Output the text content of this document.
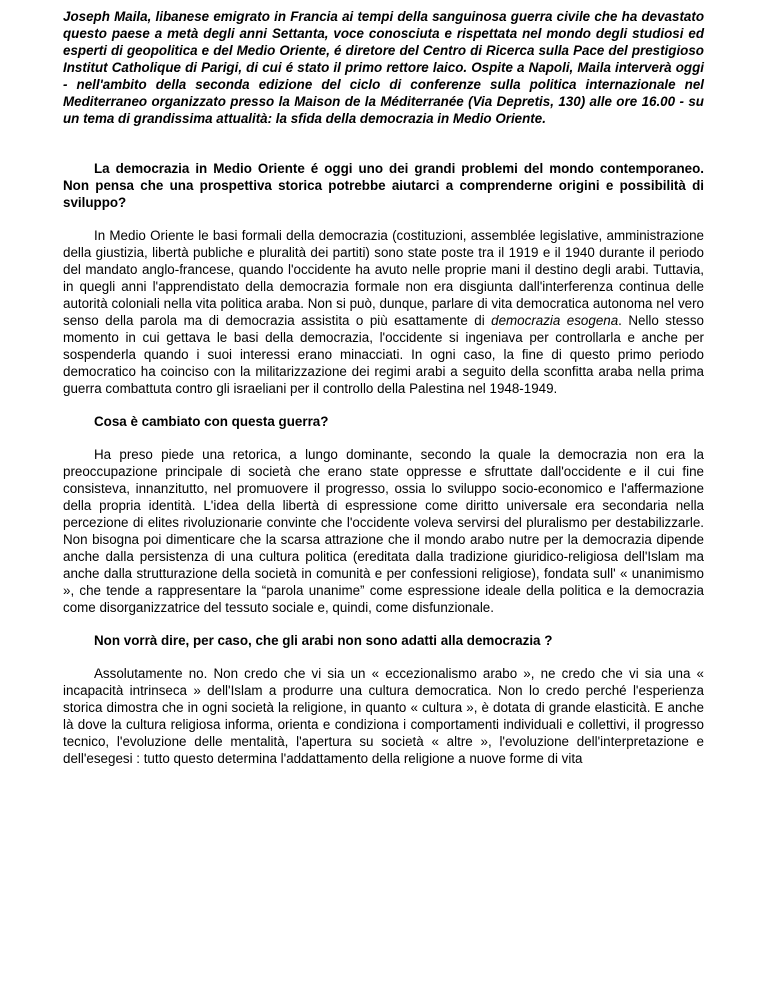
Joseph Maila, libanese emigrato in Francia ai tempi della sanguinosa guerra civile che ha devastato questo paese a metà degli anni Settanta, voce conosciuta e rispettata nel mondo degli studiosi ed esperti di geopolitica e del Medio Oriente, é diretore del Centro di Ricerca sulla Pace del prestigioso Institut Catholique di Parigi, di cui é stato il primo rettore laico. Ospite a Napoli, Maila interverà oggi - nell'ambito della seconda edizione del ciclo di conferenze sulla politica internazionale nel Mediterraneo organizzato presso la Maison de la Méditerranée (Via Depretis, 130) alle ore 16.00 - su un tema di grandissima attualità: la sfida della democrazia in Medio Oriente.

La democrazia in Medio Oriente é oggi uno dei grandi problemi del mondo contemporaneo. Non pensa che una prospettiva storica potrebbe aiutarci a comprenderne origini e possibilità di sviluppo?

In Medio Oriente le basi formali della democrazia (costituzioni, assemblée legislative, amministrazione della giustizia, libertà publiche e pluralità dei partiti) sono state poste tra il 1919 e il 1940 durante il periodo del mandato anglo-francese, quando l'occidente ha avuto nelle proprie mani il destino degli arabi. Tuttavia, in quegli anni l'apprendistato della democrazia formale non era disgiunta dall'interferenza continua delle autorità coloniali nella vita politica araba. Non si può, dunque, parlare di vita democratica autonoma nel vero senso della parola ma di democrazia assistita o più esattamente di democrazia esogena. Nello stesso momento in cui gettava le basi della democrazia, l'occidente si ingeniava per controllarla e anche per sospenderla quando i suoi interessi erano minacciati. In ogni caso, la fine di questo primo periodo democratico ha coinciso con la militarizzazione dei regimi arabi a seguito della sconfitta araba nella prima guerra combattuta contro gli israeliani per il controllo della Palestina nel 1948-1949.

Cosa è cambiato con questa guerra?

Ha preso piede una retorica, a lungo dominante, secondo la quale la democrazia non era la preoccupazione principale di società che erano state oppresse e sfruttate dall'occidente e il cui fine consisteva, innanzitutto, nel promuovere il progresso, ossia lo sviluppo socio-economico e l'affermazione della propria identità. L'idea della libertà di espressione come diritto universale era secondaria nella percezione di elites rivoluzionarie convinte che l'occidente voleva servirsi del pluralismo per destabilizzarle. Non bisogna poi dimenticare che la scarsa attrazione che il mondo arabo nutre per la democrazia dipende anche dalla persistenza di una cultura politica (ereditata dalla tradizione giuridico-religiosa dell'Islam ma anche dalla strutturazione della società in comunità e per confessioni religiose), fondata sull' « unanimismo », che tende a rappresentare la “parola unanime” come espressione ideale della politica e la democrazia come disorganizzatrice del tessuto sociale e, quindi, come disfunzionale.

Non vorrà dire, per caso, che gli arabi non sono adatti alla democrazia ?

Assolutamente no. Non credo che vi sia un « eccezionalismo arabo », ne credo che vi sia una « incapacità intrinseca » dell'Islam a produrre una cultura democratica. Non lo credo perché l'esperienza storica dimostra che in ogni società la religione, in quanto « cultura », è dotata di grande elasticità. E anche là dove la cultura religiosa informa, orienta e condiziona i comportamenti individuali e collettivi, il progresso tecnico, l'evoluzione delle mentalità, l'apertura su società « altre », l'evoluzione dell'interpretazione e dell'esegesi : tutto questo determina l'addattamento della religione a nuove forme di vita
